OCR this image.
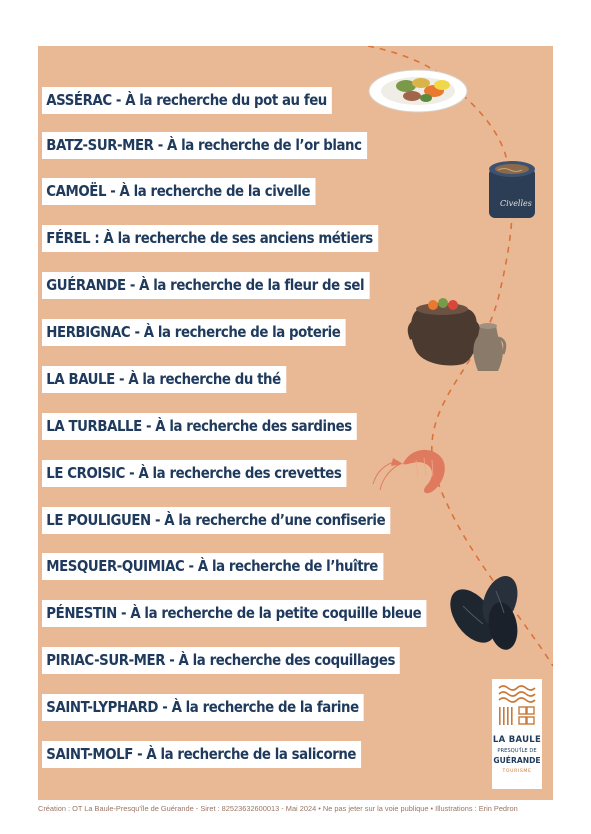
Civelles
ASSÉRAC - À la recherche du pot au feu
BATZ-SUR-MER - À la recherche de l’or blanc
CAMOËL - À la recherche de la civelle
FÉREL : À la recherche de ses anciens métiers
GUÉRANDE - À la recherche de la fleur de sel
HERBIGNAC - À la recherche de la poterie
LA BAULE - À la recherche du thé
LA TURBALLE - À la recherche des sardines
LE CROISIC - À la recherche des crevettes
LE POULIGUEN - À la recherche d’une confiserie
MESQUER-QUIMIAC - À la recherche de l’huître
PÉNESTIN - À la recherche de la petite coquille bleue
PIRIAC-SUR-MER - À la recherche des coquillages
SAINT-LYPHARD - À la recherche de la farine
SAINT-MOLF - À la recherche de la salicorne
LA BAULE
PRESQU'ÎLE DE
GUÉRANDE
TOURISME
Création : OT La Baule-Presqu'île de Guérande - Siret : 82523632600013 - Mai 2024 • Ne pas jeter sur la voie publique • Illustrations : Erin Pedron
